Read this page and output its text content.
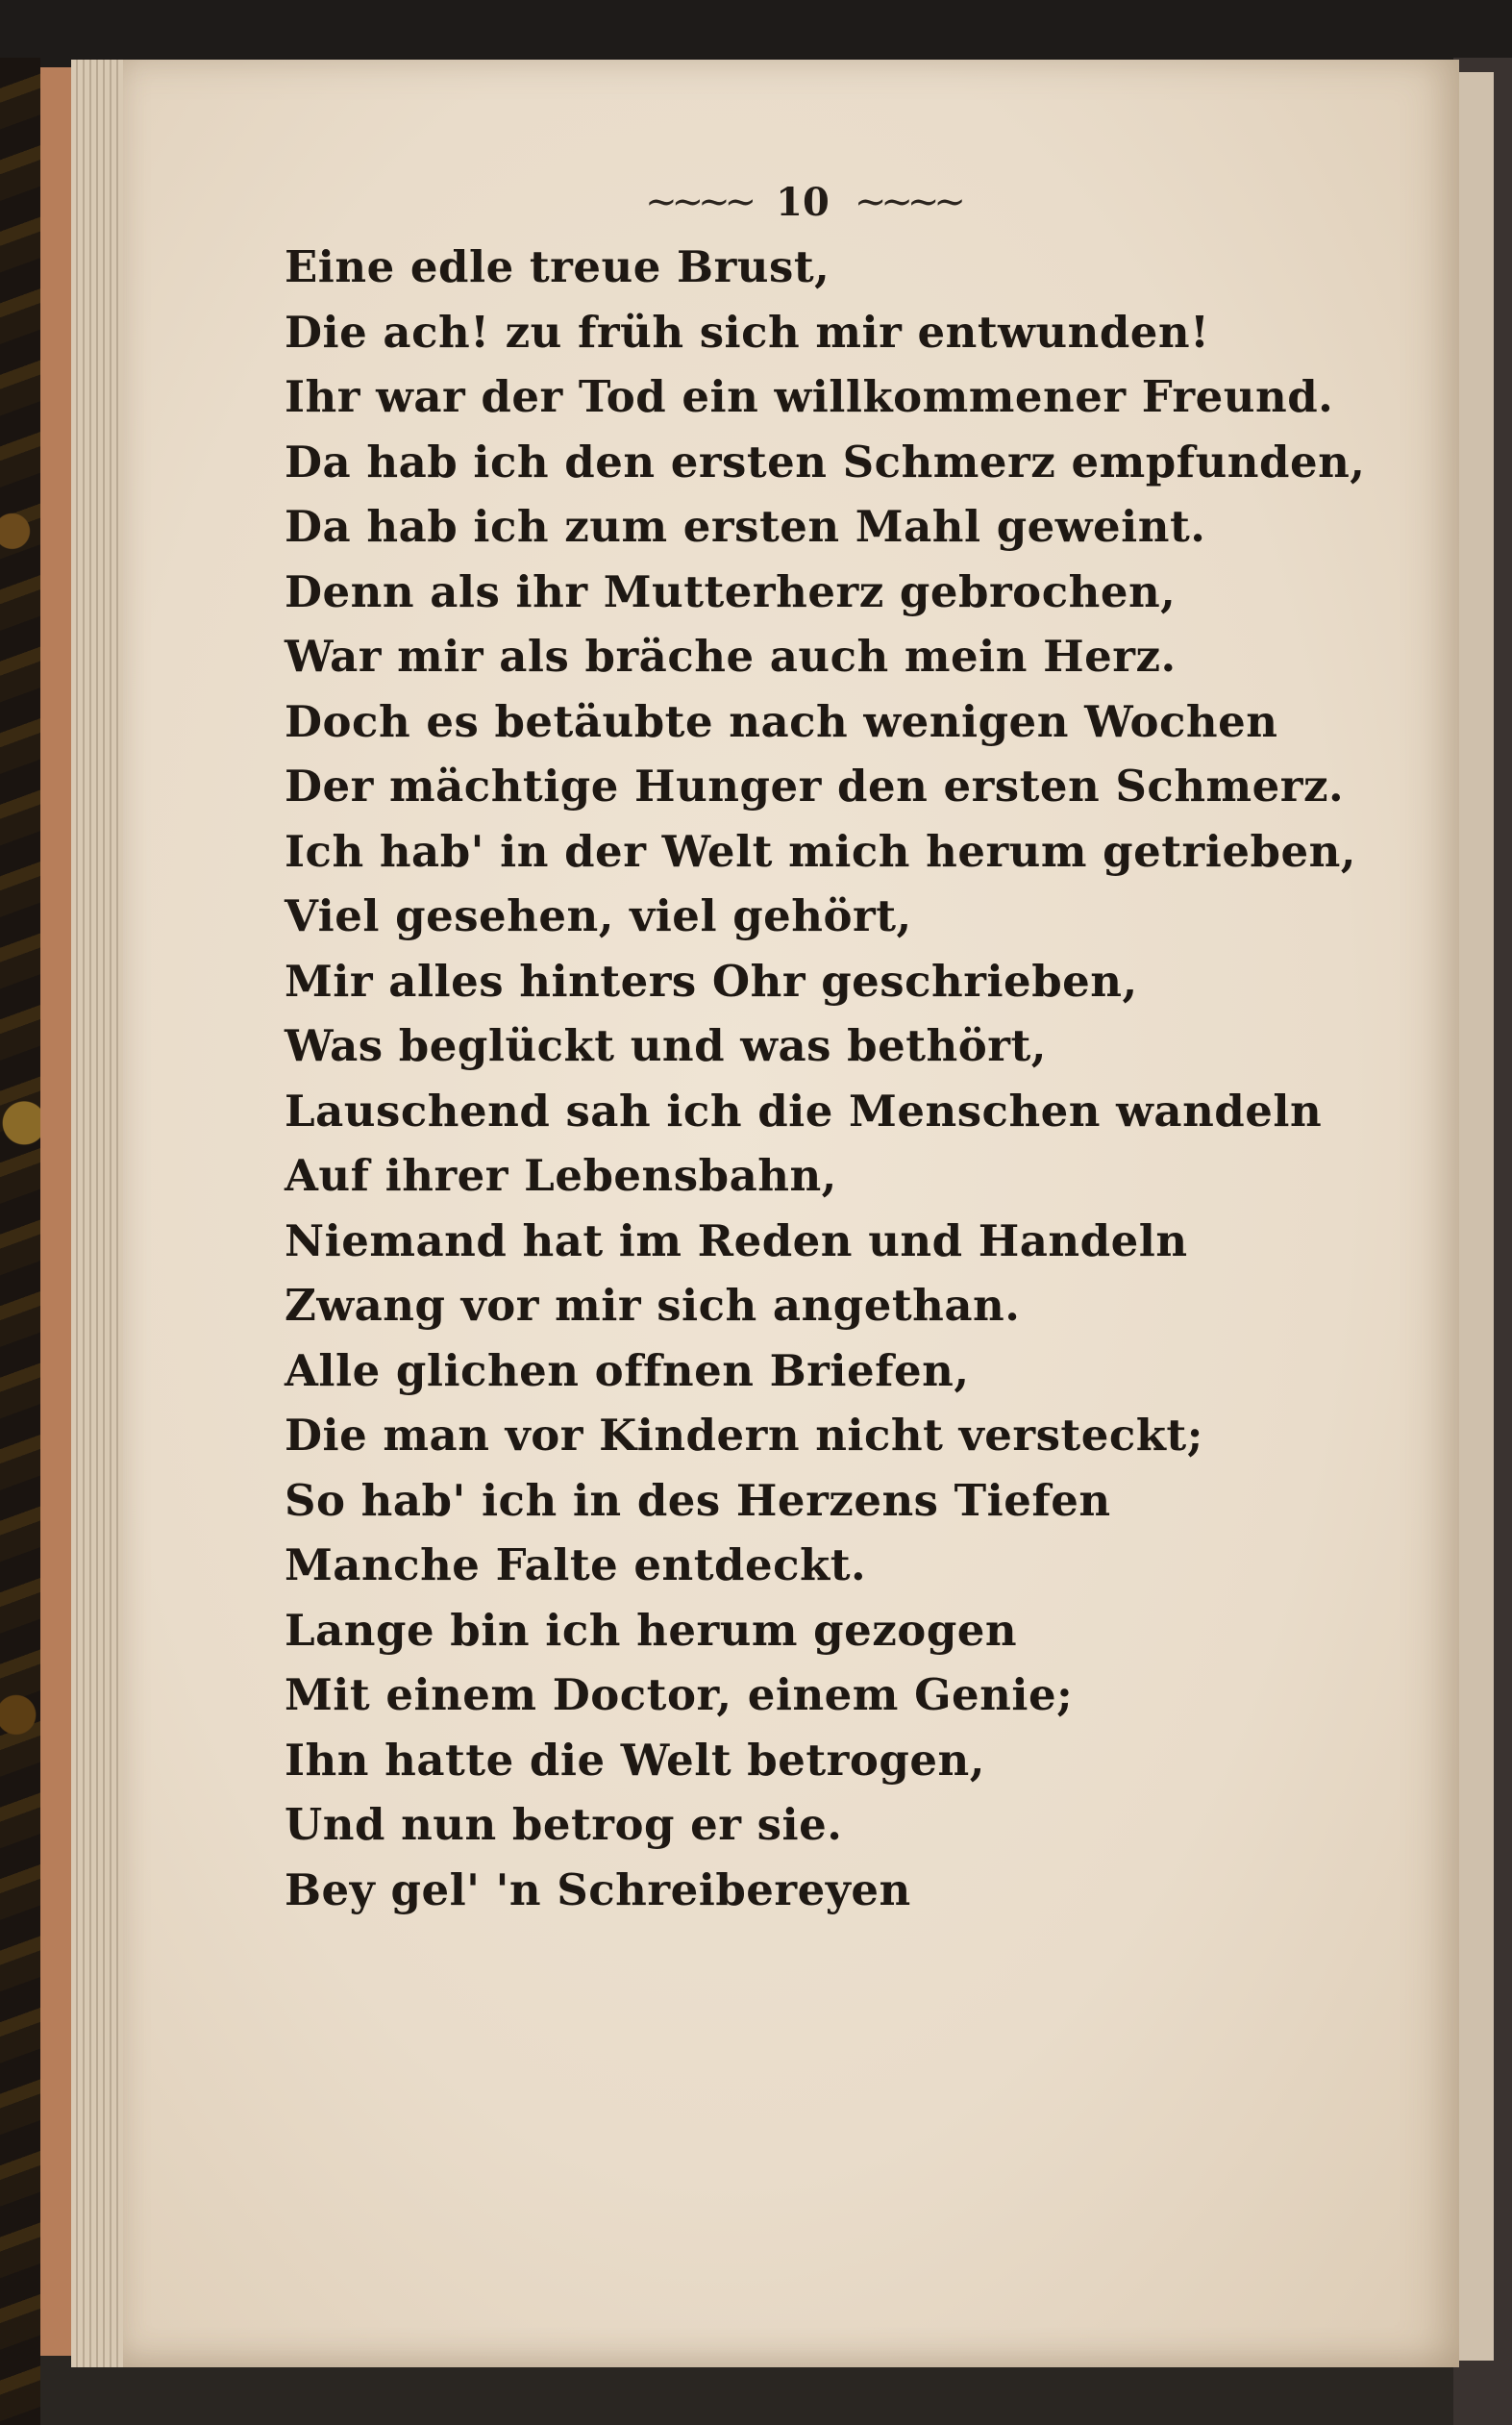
~~~~ 10 ~~~~
Eine edle treue Brust,
Die ach! zu früh sich mir entwunden!
Ihr war der Tod ein willkommener Freund.
Da hab ich den ersten Schmerz empfunden,
Da hab ich zum ersten Mahl geweint.
Denn als ihr Mutterherz gebrochen,
War mir als bräche auch mein Herz.
Doch es betäubte nach wenigen Wochen
Der mächtige Hunger den ersten Schmerz.
Ich hab' in der Welt mich herum getrieben,
Viel gesehen, viel gehört,
Mir alles hinters Ohr geschrieben,
Was beglückt und was bethört,
Lauschend sah ich die Menschen wandeln
Auf ihrer Lebensbahn,
Niemand hat im Reden und Handeln
Zwang vor mir sich angethan.
Alle glichen offnen Briefen,
Die man vor Kindern nicht versteckt;
So hab' ich in des Herzens Tiefen
Manche Falte entdeckt.
Lange bin ich herum gezogen
Mit einem Doctor, einem Genie;
Ihn hatte die Welt betrogen,
Und nun betrog er sie.
Bey gel' 'n Schreibereyen
